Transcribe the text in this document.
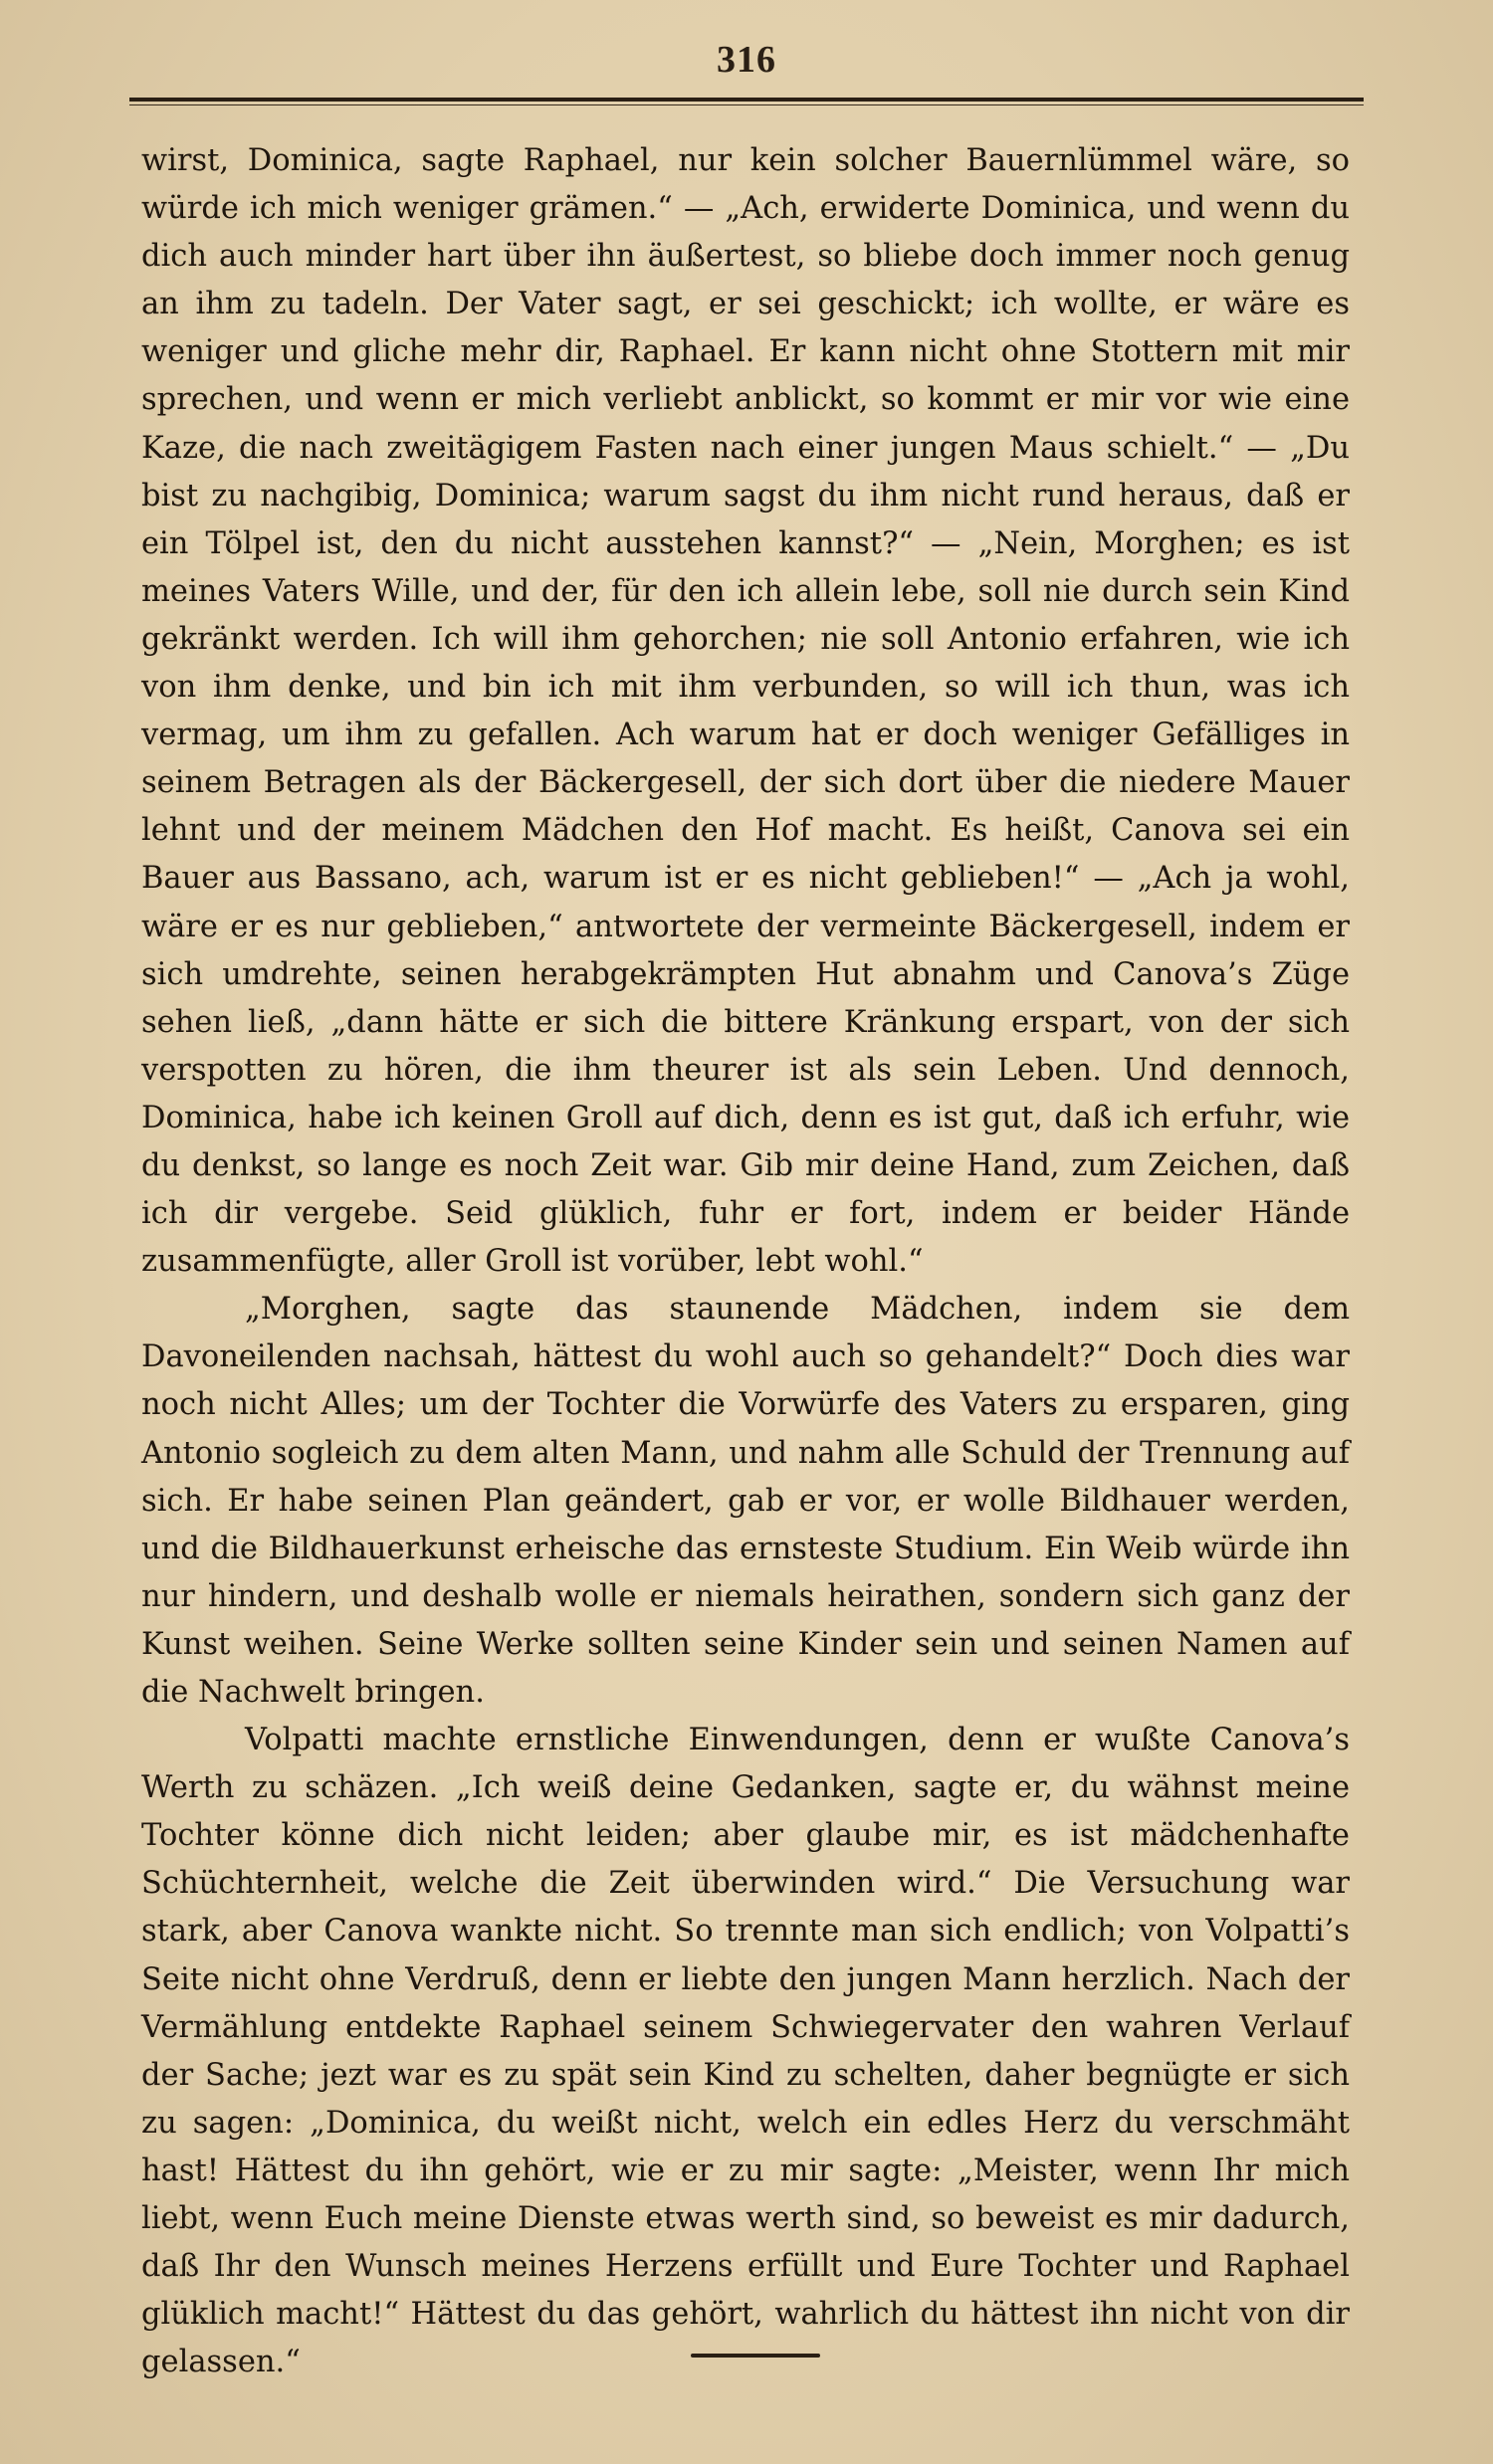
316

wirst, Dominica, sagte Raphael, nur kein solcher Bauernlümmel wäre, so würde ich mich weniger grämen.“ — „Ach, erwiderte Dominica, und wenn du dich auch minder hart über ihn äußertest, so bliebe doch immer noch genug an ihm zu tadeln. Der Vater sagt, er sei geschickt; ich wollte, er wäre es weniger und gliche mehr dir, Raphael. Er kann nicht ohne Stottern mit mir sprechen, und wenn er mich verliebt anblickt, so kommt er mir vor wie eine Kaze, die nach zweitägigem Fasten nach einer jungen Maus schielt.“ — „Du bist zu nachgibig, Dominica; warum sagst du ihm nicht rund heraus, daß er ein Tölpel ist, den du nicht ausstehen kannst?“ — „Nein, Morghen; es ist meines Vaters Wille, und der, für den ich allein lebe, soll nie durch sein Kind gekränkt werden. Ich will ihm gehorchen; nie soll Antonio erfahren, wie ich von ihm denke, und bin ich mit ihm verbunden, so will ich thun, was ich vermag, um ihm zu gefallen. Ach warum hat er doch weniger Gefälliges in seinem Betragen als der Bäckergesell, der sich dort über die niedere Mauer lehnt und der meinem Mädchen den Hof macht. Es heißt, Canova sei ein Bauer aus Bassano, ach, warum ist er es nicht geblieben!“ — „Ach ja wohl, wäre er es nur geblieben,“ antwortete der vermeinte Bäckergesell, indem er sich umdrehte, seinen herabgekrämpten Hut abnahm und Canova’s Züge sehen ließ, „dann hätte er sich die bittere Kränkung erspart, von der sich verspotten zu hören, die ihm theurer ist als sein Leben. Und dennoch, Dominica, habe ich keinen Groll auf dich, denn es ist gut, daß ich erfuhr, wie du denkst, so lange es noch Zeit war. Gib mir deine Hand, zum Zeichen, daß ich dir vergebe. Seid glüklich, fuhr er fort, indem er beider Hände zusammenfügte, aller Groll ist vorüber, lebt wohl.“

„Morghen, sagte das staunende Mädchen, indem sie dem Davoneilenden nachsah, hättest du wohl auch so gehandelt?“ Doch dies war noch nicht Alles; um der Tochter die Vorwürfe des Vaters zu ersparen, ging Antonio sogleich zu dem alten Mann, und nahm alle Schuld der Trennung auf sich. Er habe seinen Plan geändert, gab er vor, er wolle Bildhauer werden, und die Bildhauerkunst erheische das ernsteste Studium. Ein Weib würde ihn nur hindern, und deshalb wolle er niemals heirathen, sondern sich ganz der Kunst weihen. Seine Werke sollten seine Kinder sein und seinen Namen auf die Nachwelt bringen.

Volpatti machte ernstliche Einwendungen, denn er wußte Canova’s Werth zu schäzen. „Ich weiß deine Gedanken, sagte er, du wähnst meine Tochter könne dich nicht leiden; aber glaube mir, es ist mädchenhafte Schüchternheit, welche die Zeit überwinden wird.“ Die Versuchung war stark, aber Canova wankte nicht. So trennte man sich endlich; von Volpatti’s Seite nicht ohne Verdruß, denn er liebte den jungen Mann herzlich. Nach der Vermählung entdekte Raphael seinem Schwiegervater den wahren Verlauf der Sache; jezt war es zu spät sein Kind zu schelten, daher begnügte er sich zu sagen: „Dominica, du weißt nicht, welch ein edles Herz du verschmäht hast! Hättest du ihn gehört, wie er zu mir sagte: „Meister, wenn Ihr mich liebt, wenn Euch meine Dienste etwas werth sind, so beweist es mir dadurch, daß Ihr den Wunsch meines Herzens erfüllt und Eure Tochter und Raphael glüklich macht!“ Hättest du das gehört, wahrlich du hättest ihn nicht von dir gelassen.“
